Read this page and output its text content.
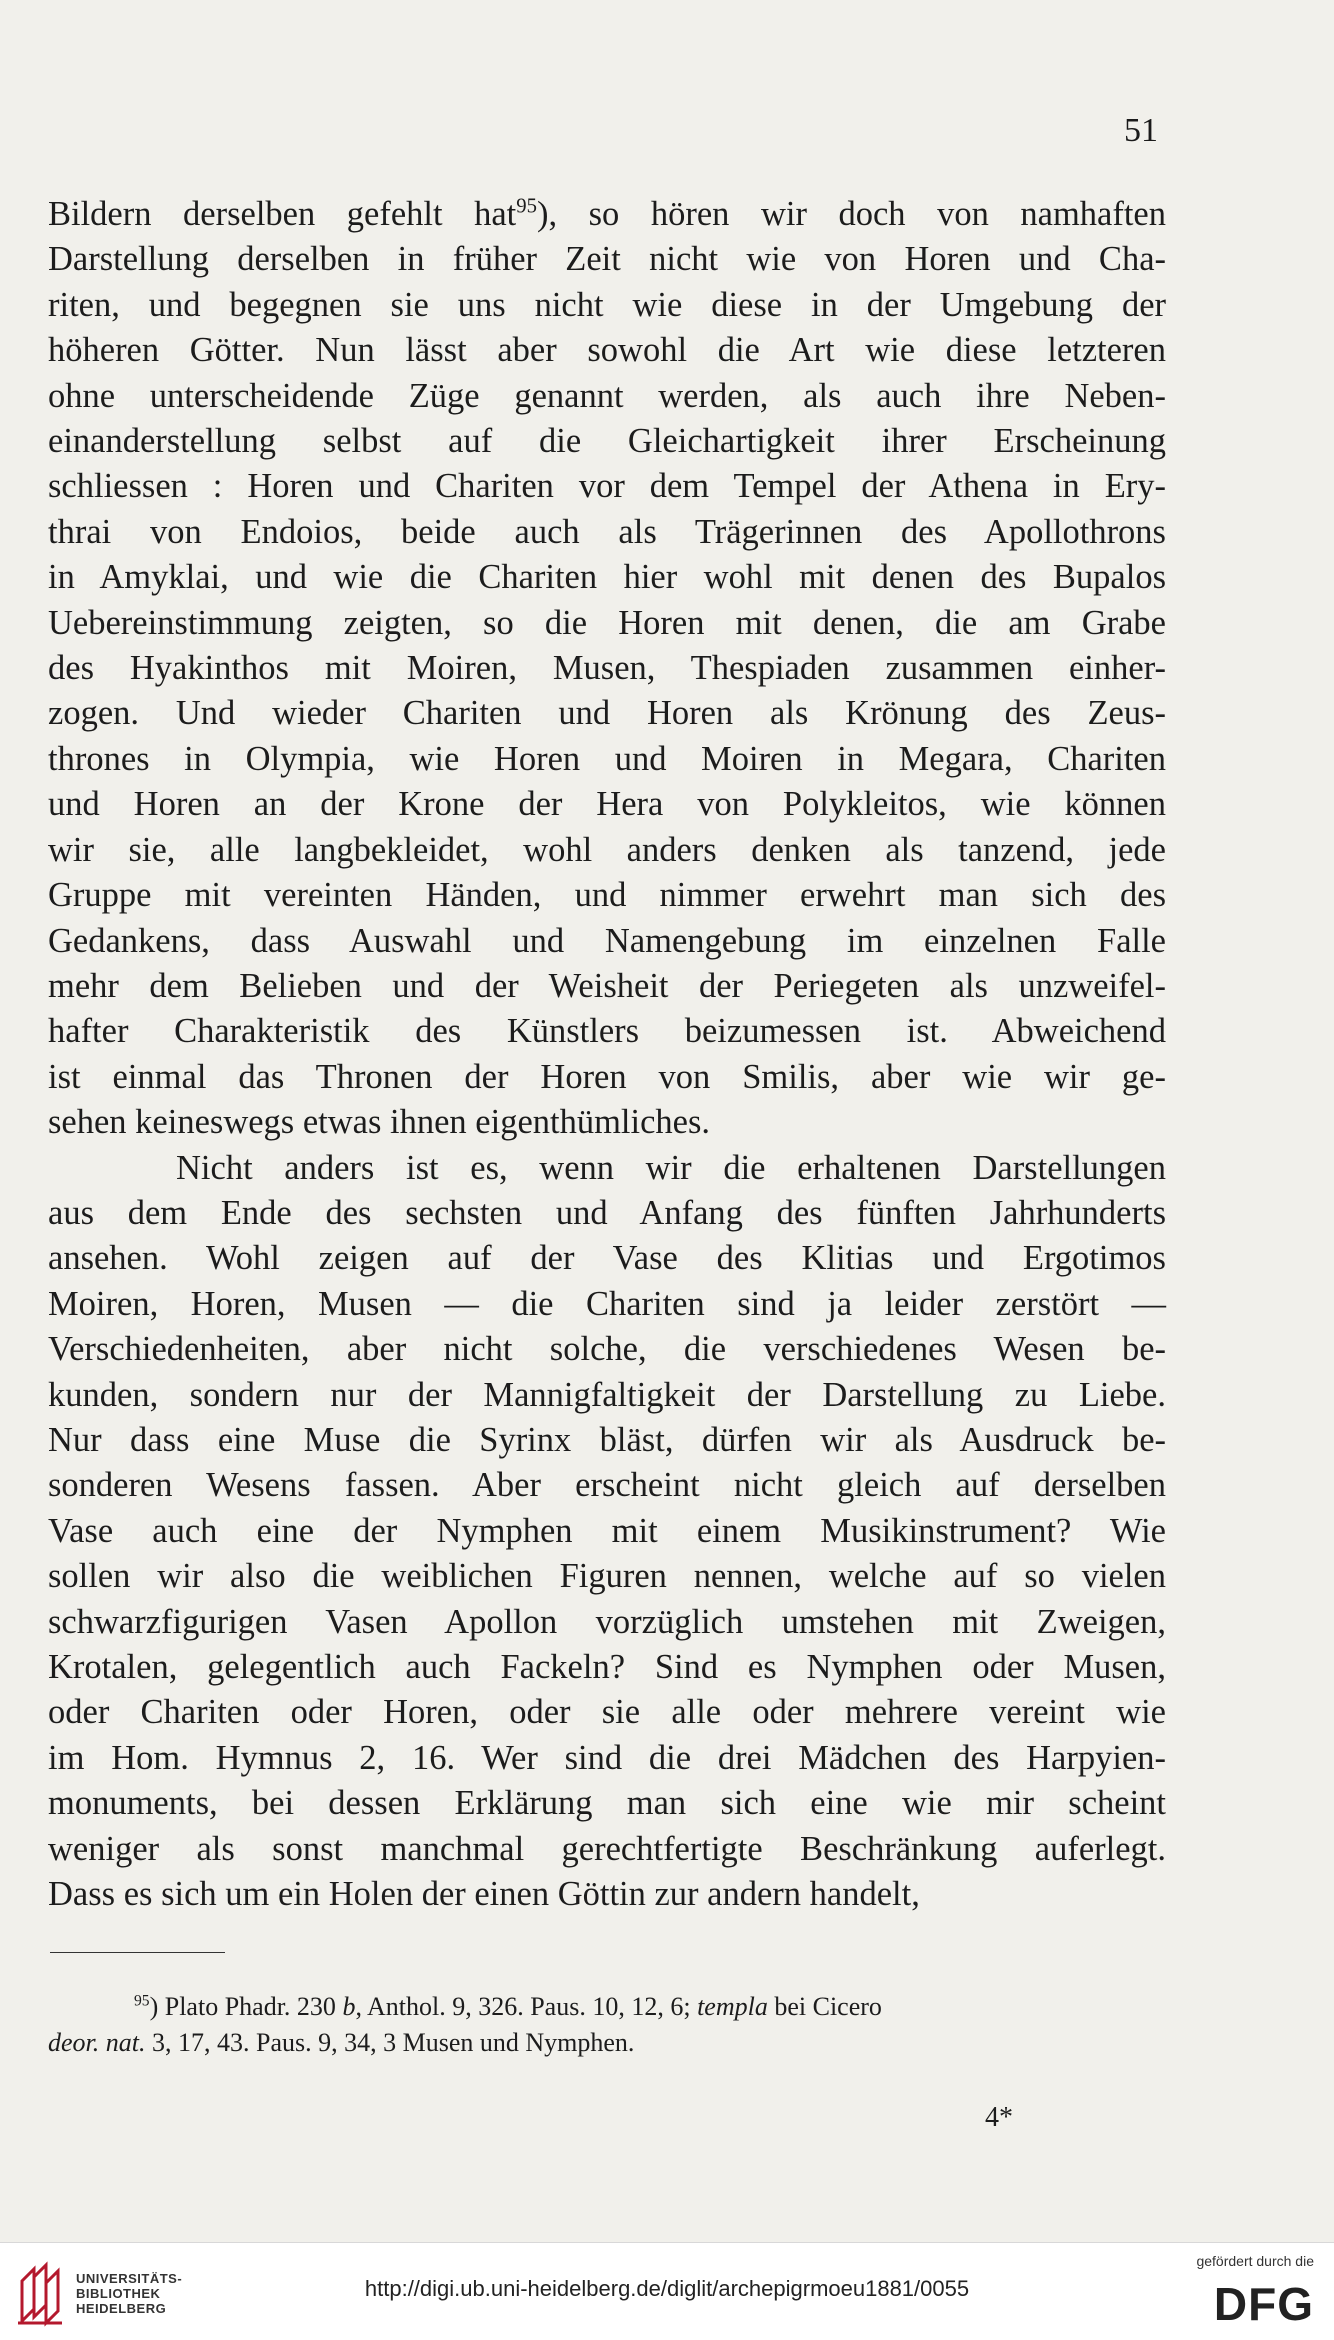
51

Bildern derselben gefehlt hat$^{95}$), so hören wir doch von namhaften
Darstellung derselben in früher Zeit nicht wie von Horen und Cha-
riten, und begegnen sie uns nicht wie diese in der Umgebung der
höheren Götter. Nun lässt aber sowohl die Art wie diese letzteren
ohne unterscheidende Züge genannt werden, als auch ihre Neben-
einanderstellung selbst auf die Gleichartigkeit ihrer Erscheinung
schliessen : Horen und Chariten vor dem Tempel der Athena in Ery-
thrai von Endoios, beide auch als Trägerinnen des Apollothrons
in Amyklai, und wie die Chariten hier wohl mit denen des Bupalos
Uebereinstimmung zeigten, so die Horen mit denen, die am Grabe
des Hyakinthos mit Moiren, Musen, Thespiaden zusammen einher-
zogen. Und wieder Chariten und Horen als Krönung des Zeus-
thrones in Olympia, wie Horen und Moiren in Megara, Chariten
und Horen an der Krone der Hera von Polykleitos, wie können
wir sie, alle langbekleidet, wohl anders denken als tanzend, jede
Gruppe mit vereinten Händen, und nimmer erwehrt man sich des
Gedankens, dass Auswahl und Namengebung im einzelnen Falle
mehr dem Belieben und der Weisheit der Periegeten als unzweifel-
hafter Charakteristik des Künstlers beizumessen ist. Abweichend
ist einmal das Thronen der Horen von Smilis, aber wie wir ge-
sehen keineswegs etwas ihnen eigenthümliches.

Nicht anders ist es, wenn wir die erhaltenen Darstellungen
aus dem Ende des sechsten und Anfang des fünften Jahrhunderts
ansehen. Wohl zeigen auf der Vase des Klitias und Ergotimos
Moiren, Horen, Musen — die Chariten sind ja leider zerstört —
Verschiedenheiten, aber nicht solche, die verschiedenes Wesen be-
kunden, sondern nur der Mannigfaltigkeit der Darstellung zu Liebe.
Nur dass eine Muse die Syrinx bläst, dürfen wir als Ausdruck be-
sonderen Wesens fassen. Aber erscheint nicht gleich auf derselben
Vase auch eine der Nymphen mit einem Musikinstrument? Wie
sollen wir also die weiblichen Figuren nennen, welche auf so vielen
schwarzfigurigen Vasen Apollon vorzüglich umstehen mit Zweigen,
Krotalen, gelegentlich auch Fackeln? Sind es Nymphen oder Musen,
oder Chariten oder Horen, oder sie alle oder mehrere vereint wie
im Hom. Hymnus 2, 16. Wer sind die drei Mädchen des Harpyien-
monuments, bei dessen Erklärung man sich eine wie mir scheint
weniger als sonst manchmal gerechtfertigte Beschränkung auferlegt.
Dass es sich um ein Holen der einen Göttin zur andern handelt,

$^{95}$) Plato Phadr. 230 b, Anthol. 9, 326. Paus. 10, 12, 6; templa bei Cicero
deor. nat. 3, 17, 43. Paus. 9, 34, 3 Musen und Nymphen.
4*
UNIVERSITÄTS-
BIBLIOTHEK
HEIDELBERG
http://digi.ub.uni-heidelberg.de/diglit/archepigrmoeu1881/0055
gefördert durch die
DFG
